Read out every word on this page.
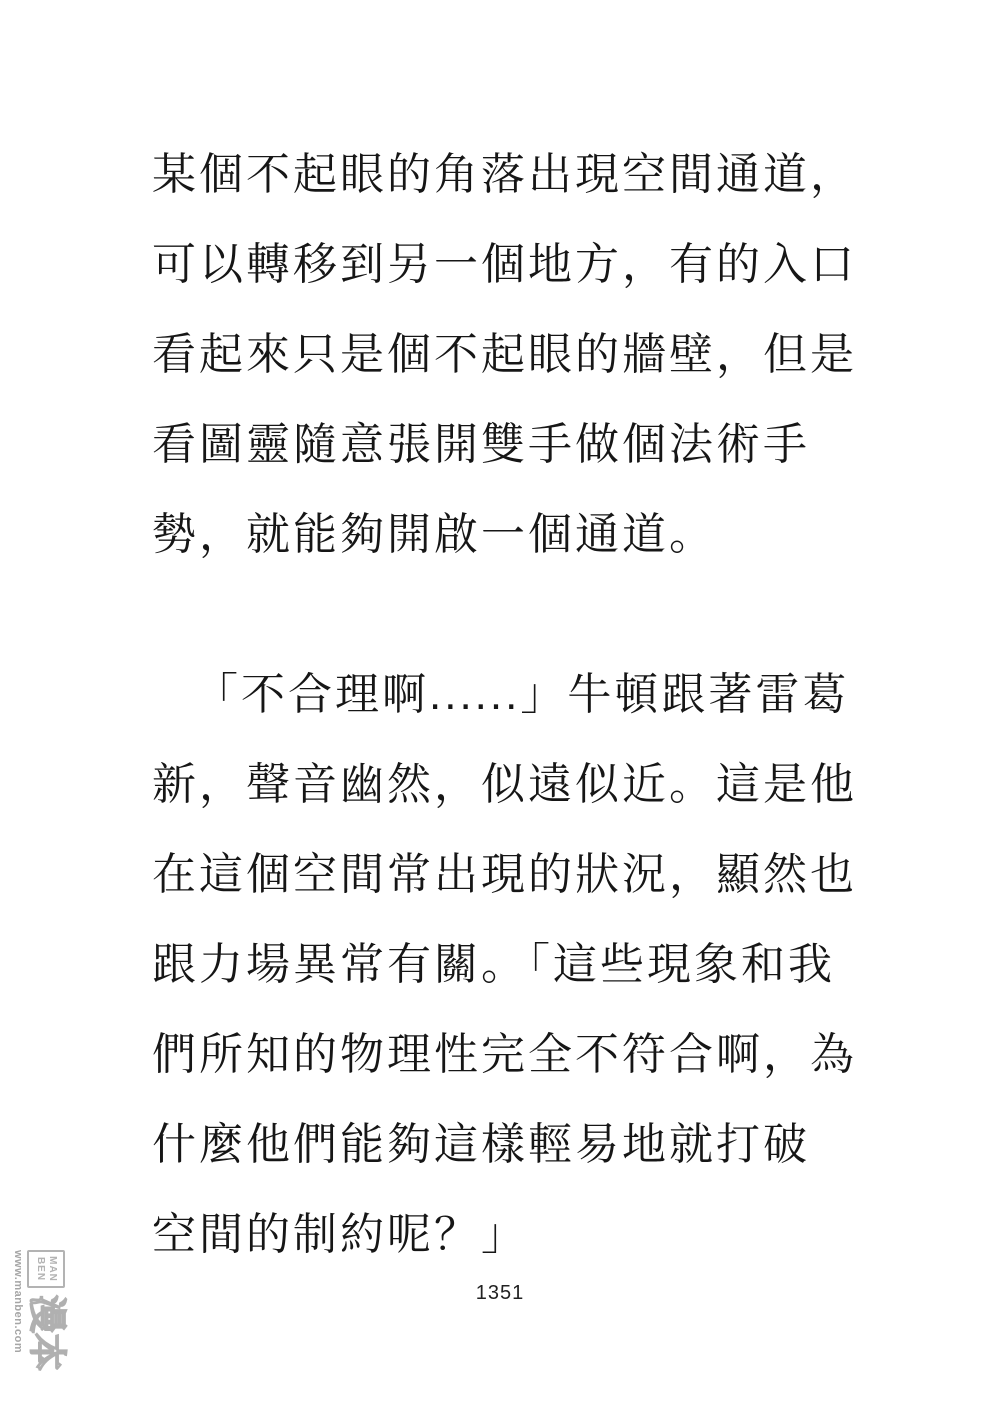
某個不起眼的角落出現空間通道，
可以轉移到另一個地方，有的入口
看起來只是個不起眼的牆壁，但是
看圖靈隨意張開雙手做個法術手
勢，就能夠開啟一個通道。
「不合理啊......」牛頓跟著雷葛
新，聲音幽然，似遠似近。這是他
在這個空間常出現的狀況，顯然也
跟力場異常有關。「這些現象和我
們所知的物理性完全不符合啊，為
什麼他們能夠這樣輕易地就打破
空間的制約呢？」
1351
MAN
BEN
漫本
www.manben.com
